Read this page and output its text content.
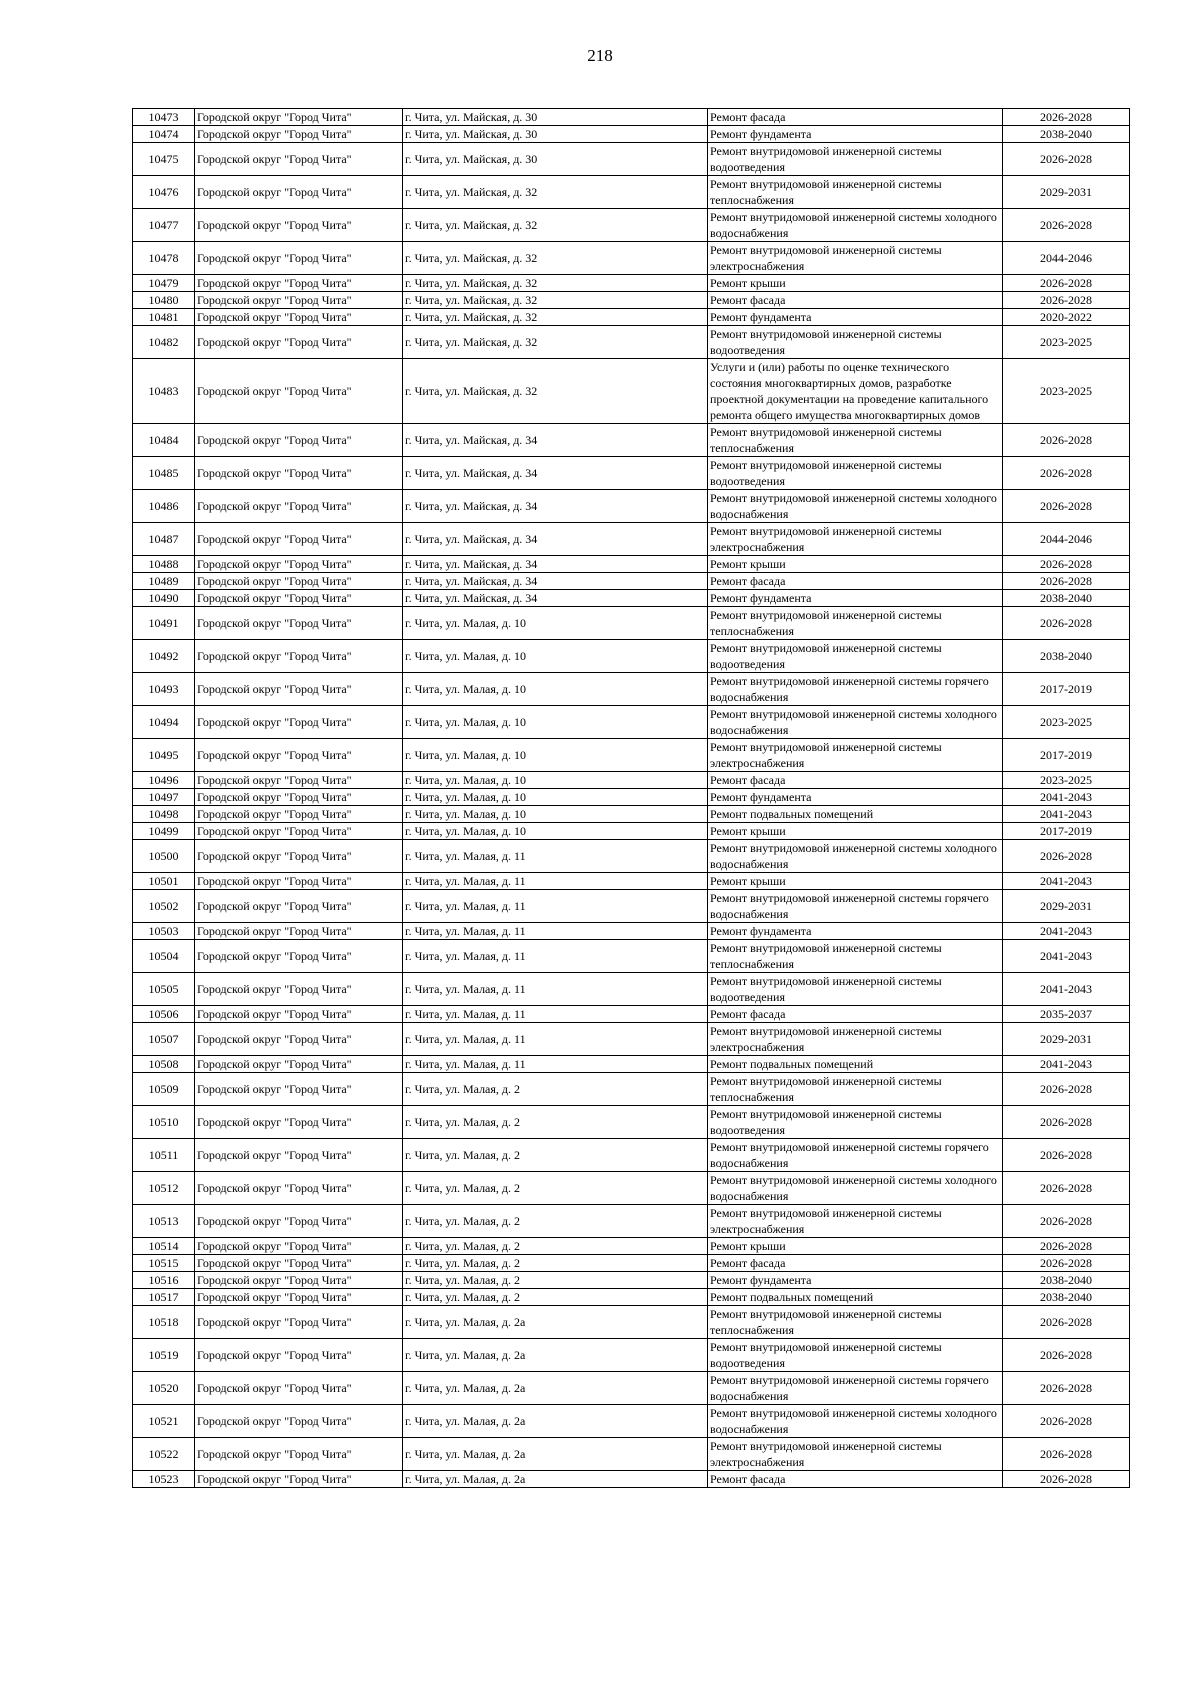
218
10473	Городской округ "Город Чита"	г. Чита, ул. Майская, д. 30	Ремонт фасада	2026-2028
10474	Городской округ "Город Чита"	г. Чита, ул. Майская, д. 30	Ремонт фундамента	2038-2040
10475	Городской округ "Город Чита"	г. Чита, ул. Майская, д. 30	Ремонт внутридомовой инженерной системы водоотведения	2026-2028
10476	Городской округ "Город Чита"	г. Чита, ул. Майская, д. 32	Ремонт внутридомовой инженерной системы теплоснабжения	2029-2031
10477	Городской округ "Город Чита"	г. Чита, ул. Майская, д. 32	Ремонт внутридомовой инженерной системы холодного водоснабжения	2026-2028
10478	Городской округ "Город Чита"	г. Чита, ул. Майская, д. 32	Ремонт внутридомовой инженерной системы электроснабжения	2044-2046
10479	Городской округ "Город Чита"	г. Чита, ул. Майская, д. 32	Ремонт крыши	2026-2028
10480	Городской округ "Город Чита"	г. Чита, ул. Майская, д. 32	Ремонт фасада	2026-2028
10481	Городской округ "Город Чита"	г. Чита, ул. Майская, д. 32	Ремонт фундамента	2020-2022
10482	Городской округ "Город Чита"	г. Чита, ул. Майская, д. 32	Ремонт внутридомовой инженерной системы водоотведения	2023-2025
10483	Городской округ "Город Чита"	г. Чита, ул. Майская, д. 32	Услуги и (или) работы по оценке технического состояния многоквартирных домов, разработке проектной документации на проведение капитального ремонта общего имущества многоквартирных домов	2023-2025
10484	Городской округ "Город Чита"	г. Чита, ул. Майская, д. 34	Ремонт внутридомовой инженерной системы теплоснабжения	2026-2028
10485	Городской округ "Город Чита"	г. Чита, ул. Майская, д. 34	Ремонт внутридомовой инженерной системы водоотведения	2026-2028
10486	Городской округ "Город Чита"	г. Чита, ул. Майская, д. 34	Ремонт внутридомовой инженерной системы холодного водоснабжения	2026-2028
10487	Городской округ "Город Чита"	г. Чита, ул. Майская, д. 34	Ремонт внутридомовой инженерной системы электроснабжения	2044-2046
10488	Городской округ "Город Чита"	г. Чита, ул. Майская, д. 34	Ремонт крыши	2026-2028
10489	Городской округ "Город Чита"	г. Чита, ул. Майская, д. 34	Ремонт фасада	2026-2028
10490	Городской округ "Город Чита"	г. Чита, ул. Майская, д. 34	Ремонт фундамента	2038-2040
10491	Городской округ "Город Чита"	г. Чита, ул. Малая, д. 10	Ремонт внутридомовой инженерной системы теплоснабжения	2026-2028
10492	Городской округ "Город Чита"	г. Чита, ул. Малая, д. 10	Ремонт внутридомовой инженерной системы водоотведения	2038-2040
10493	Городской округ "Город Чита"	г. Чита, ул. Малая, д. 10	Ремонт внутридомовой инженерной системы горячего водоснабжения	2017-2019
10494	Городской округ "Город Чита"	г. Чита, ул. Малая, д. 10	Ремонт внутридомовой инженерной системы холодного водоснабжения	2023-2025
10495	Городской округ "Город Чита"	г. Чита, ул. Малая, д. 10	Ремонт внутридомовой инженерной системы электроснабжения	2017-2019
10496	Городской округ "Город Чита"	г. Чита, ул. Малая, д. 10	Ремонт фасада	2023-2025
10497	Городской округ "Город Чита"	г. Чита, ул. Малая, д. 10	Ремонт фундамента	2041-2043
10498	Городской округ "Город Чита"	г. Чита, ул. Малая, д. 10	Ремонт подвальных помещений	2041-2043
10499	Городской округ "Город Чита"	г. Чита, ул. Малая, д. 10	Ремонт крыши	2017-2019
10500	Городской округ "Город Чита"	г. Чита, ул. Малая, д. 11	Ремонт внутридомовой инженерной системы холодного водоснабжения	2026-2028
10501	Городской округ "Город Чита"	г. Чита, ул. Малая, д. 11	Ремонт крыши	2041-2043
10502	Городской округ "Город Чита"	г. Чита, ул. Малая, д. 11	Ремонт внутридомовой инженерной системы горячего водоснабжения	2029-2031
10503	Городской округ "Город Чита"	г. Чита, ул. Малая, д. 11	Ремонт фундамента	2041-2043
10504	Городской округ "Город Чита"	г. Чита, ул. Малая, д. 11	Ремонт внутридомовой инженерной системы теплоснабжения	2041-2043
10505	Городской округ "Город Чита"	г. Чита, ул. Малая, д. 11	Ремонт внутридомовой инженерной системы водоотведения	2041-2043
10506	Городской округ "Город Чита"	г. Чита, ул. Малая, д. 11	Ремонт фасада	2035-2037
10507	Городской округ "Город Чита"	г. Чита, ул. Малая, д. 11	Ремонт внутридомовой инженерной системы электроснабжения	2029-2031
10508	Городской округ "Город Чита"	г. Чита, ул. Малая, д. 11	Ремонт подвальных помещений	2041-2043
10509	Городской округ "Город Чита"	г. Чита, ул. Малая, д. 2	Ремонт внутридомовой инженерной системы теплоснабжения	2026-2028
10510	Городской округ "Город Чита"	г. Чита, ул. Малая, д. 2	Ремонт внутридомовой инженерной системы водоотведения	2026-2028
10511	Городской округ "Город Чита"	г. Чита, ул. Малая, д. 2	Ремонт внутридомовой инженерной системы горячего водоснабжения	2026-2028
10512	Городской округ "Город Чита"	г. Чита, ул. Малая, д. 2	Ремонт внутридомовой инженерной системы холодного водоснабжения	2026-2028
10513	Городской округ "Город Чита"	г. Чита, ул. Малая, д. 2	Ремонт внутридомовой инженерной системы электроснабжения	2026-2028
10514	Городской округ "Город Чита"	г. Чита, ул. Малая, д. 2	Ремонт крыши	2026-2028
10515	Городской округ "Город Чита"	г. Чита, ул. Малая, д. 2	Ремонт фасада	2026-2028
10516	Городской округ "Город Чита"	г. Чита, ул. Малая, д. 2	Ремонт фундамента	2038-2040
10517	Городской округ "Город Чита"	г. Чита, ул. Малая, д. 2	Ремонт подвальных помещений	2038-2040
10518	Городской округ "Город Чита"	г. Чита, ул. Малая, д. 2а	Ремонт внутридомовой инженерной системы теплоснабжения	2026-2028
10519	Городской округ "Город Чита"	г. Чита, ул. Малая, д. 2а	Ремонт внутридомовой инженерной системы водоотведения	2026-2028
10520	Городской округ "Город Чита"	г. Чита, ул. Малая, д. 2а	Ремонт внутридомовой инженерной системы горячего водоснабжения	2026-2028
10521	Городской округ "Город Чита"	г. Чита, ул. Малая, д. 2а	Ремонт внутридомовой инженерной системы холодного водоснабжения	2026-2028
10522	Городской округ "Город Чита"	г. Чита, ул. Малая, д. 2а	Ремонт внутридомовой инженерной системы электроснабжения	2026-2028
10523	Городской округ "Город Чита"	г. Чита, ул. Малая, д. 2а	Ремонт фасада	2026-2028
